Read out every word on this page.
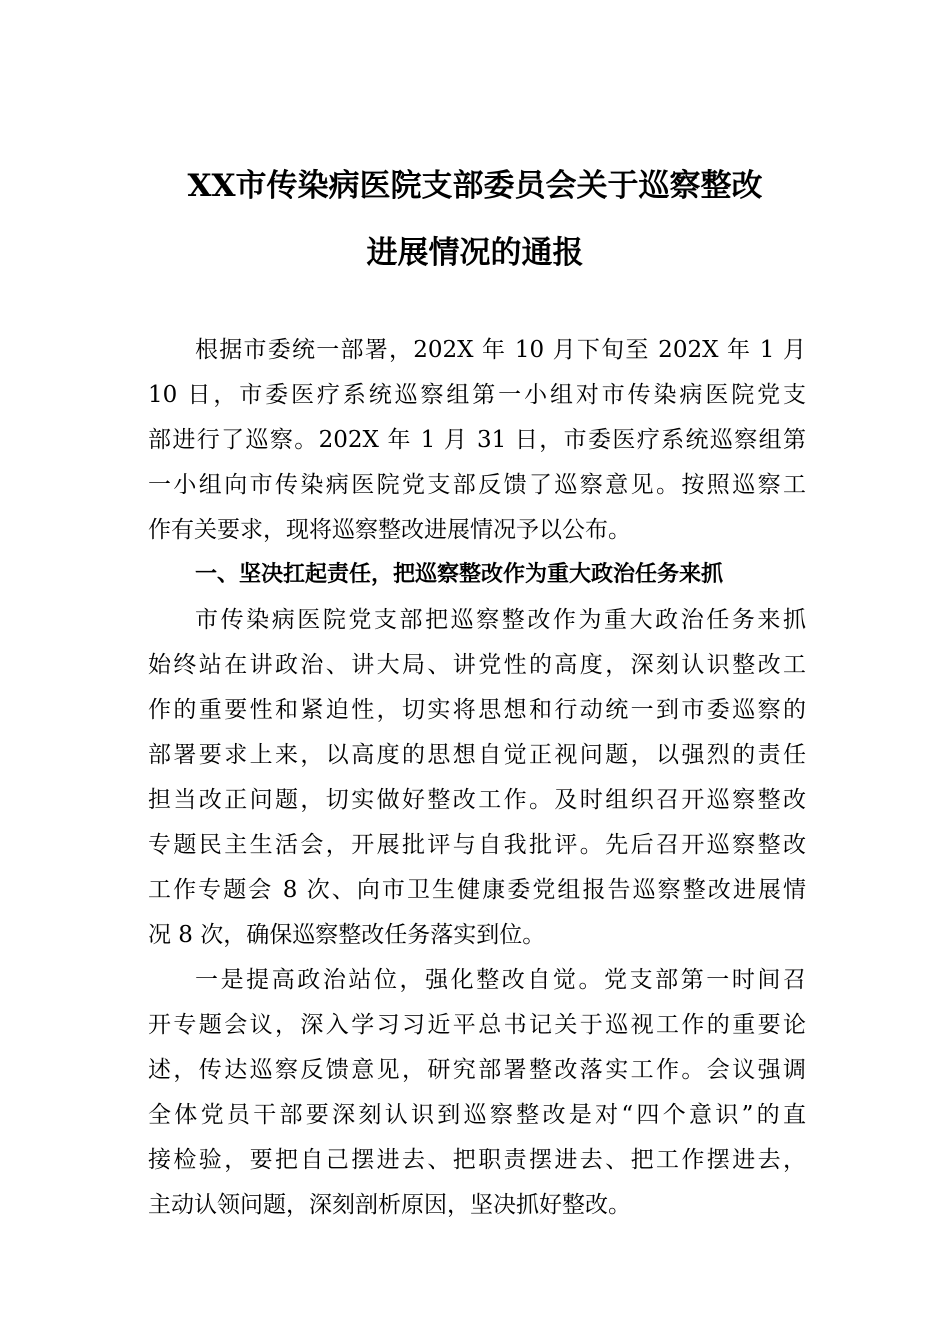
XX市传染病医院支部委员会关于巡察整改
进展情况的通报
根据市委统一部署，202X 年 10 月下旬至 202X 年 1 月
10 日，市委医疗系统巡察组第一小组对市传染病医院党支
部进行了巡察。202X 年 1 月 31 日，市委医疗系统巡察组第
一小组向市传染病医院党支部反馈了巡察意见。按照巡察工
作有关要求，现将巡察整改进展情况予以公布。
一、坚决扛起责任，把巡察整改作为重大政治任务来抓
市传染病医院党支部把巡察整改作为重大政治任务来抓
始终站在讲政治、讲大局、讲党性的高度，深刻认识整改工
作的重要性和紧迫性，切实将思想和行动统一到市委巡察的
部署要求上来，以高度的思想自觉正视问题，以强烈的责任
担当改正问题，切实做好整改工作。及时组织召开巡察整改
专题民主生活会，开展批评与自我批评。先后召开巡察整改
工作专题会 8 次、向市卫生健康委党组报告巡察整改进展情
况 8 次，确保巡察整改任务落实到位。
一是提高政治站位，强化整改自觉。党支部第一时间召
开专题会议，深入学习习近平总书记关于巡视工作的重要论
述，传达巡察反馈意见，研究部署整改落实工作。会议强调
全体党员干部要深刻认识到巡察整改是对“四个意识”的直
接检验，要把自己摆进去、把职责摆进去、把工作摆进去，
主动认领问题，深刻剖析原因，坚决抓好整改。
